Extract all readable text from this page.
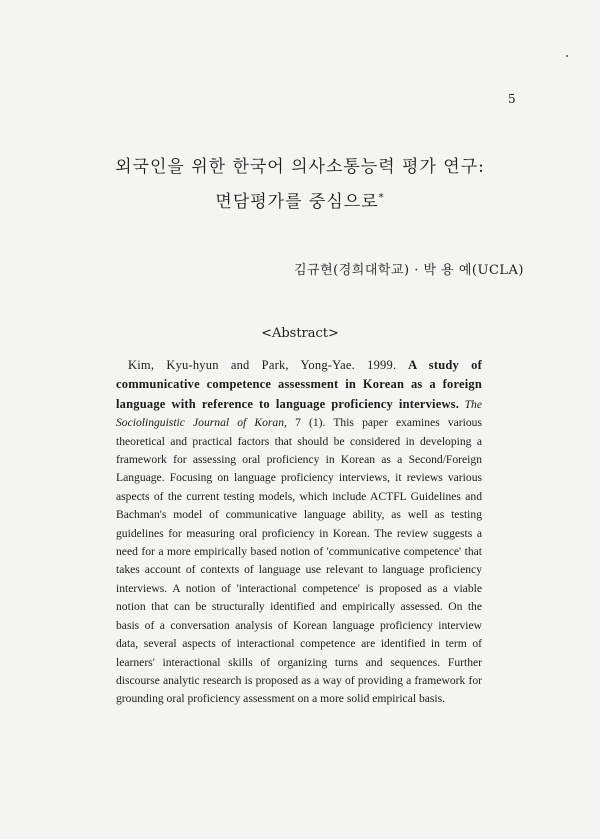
5
외국인을 위한 한국어 의사소통능력 평가 연구:
면담평가를 중심으로*
김규현(경희대학교) · 박 용 예(UCLA)
<Abstract>
Kim, Kyu-hyun and Park, Yong-Yae. 1999. A study of communicative competence assessment in Korean as a foreign language with reference to language proficiency interviews. The Sociolinguistic Journal of Koran, 7 (1). This paper examines various theoretical and practical factors that should be considered in developing a framework for assessing oral proficiency in Korean as a Second/Foreign Language. Focusing on language proficiency interviews, it reviews various aspects of the current testing models, which include ACTFL Guidelines and Bachman's model of communicative language ability, as well as testing guidelines for measuring oral proficiency in Korean. The review suggests a need for a more empirically based notion of 'communicative competence' that takes account of contexts of language use relevant to language proficiency interviews. A notion of 'interactional competence' is proposed as a viable notion that can be structurally identified and empirically assessed. On the basis of a conversation analysis of Korean language proficiency interview data, several aspects of interactional competence are identified in term of learners' interactional skills of organizing turns and sequences. Further discourse analytic research is proposed as a way of providing a framework for grounding oral proficiency assessment on a more solid empirical basis.
